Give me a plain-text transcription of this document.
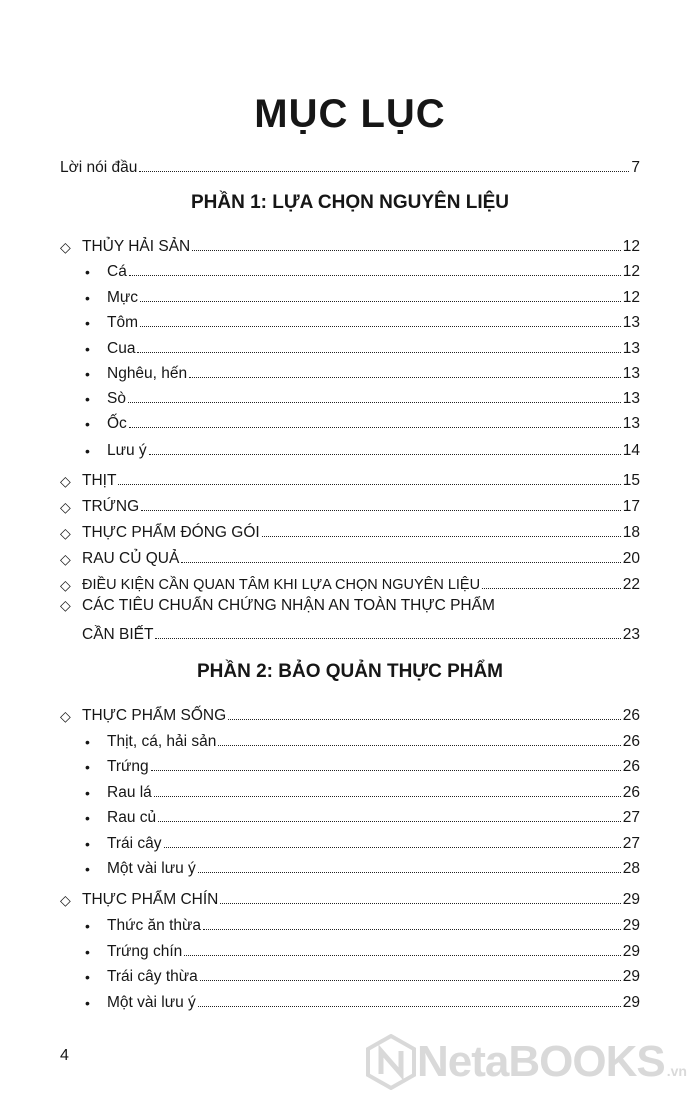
MỤC LỤC
Lời nói đầu	7
PHẦN 1: LỰA CHỌN NGUYÊN LIỆU
◇ THỦY HẢI SẢN	12
•	Cá	12
•	Mực	12
•	Tôm	13
•	Cua	13
•	Nghêu, hến	13
•	Sò	13
•	Ốc	13
•	Lưu ý	14
◇ THỊT	15
◇ TRỨNG	17
◇ THỰC PHẨM ĐÓNG GÓI	18
◇ RAU CỦ QUẢ	20
◇ ĐIỀU KIỆN CẦN QUAN TÂM KHI LỰA CHỌN NGUYÊN LIỆU	22
◇ CÁC TIÊU CHUẨN CHỨNG NHẬN AN TOÀN THỰC PHẨM
CẦN BIẾT	23
PHẦN 2: BẢO QUẢN THỰC PHẨM
◇ THỰC PHẨM SỐNG	26
•	Thịt, cá, hải sản	26
•	Trứng	26
•	Rau lá	26
•	Rau củ	27
•	Trái cây	27
•	Một vài lưu ý	28
◇ THỰC PHẨM CHÍN	29
•	Thức ăn thừa	29
•	Trứng chín	29
•	Trái cây thừa	29
•	Một vài lưu ý	29
4	NetaBOOKS .vn
